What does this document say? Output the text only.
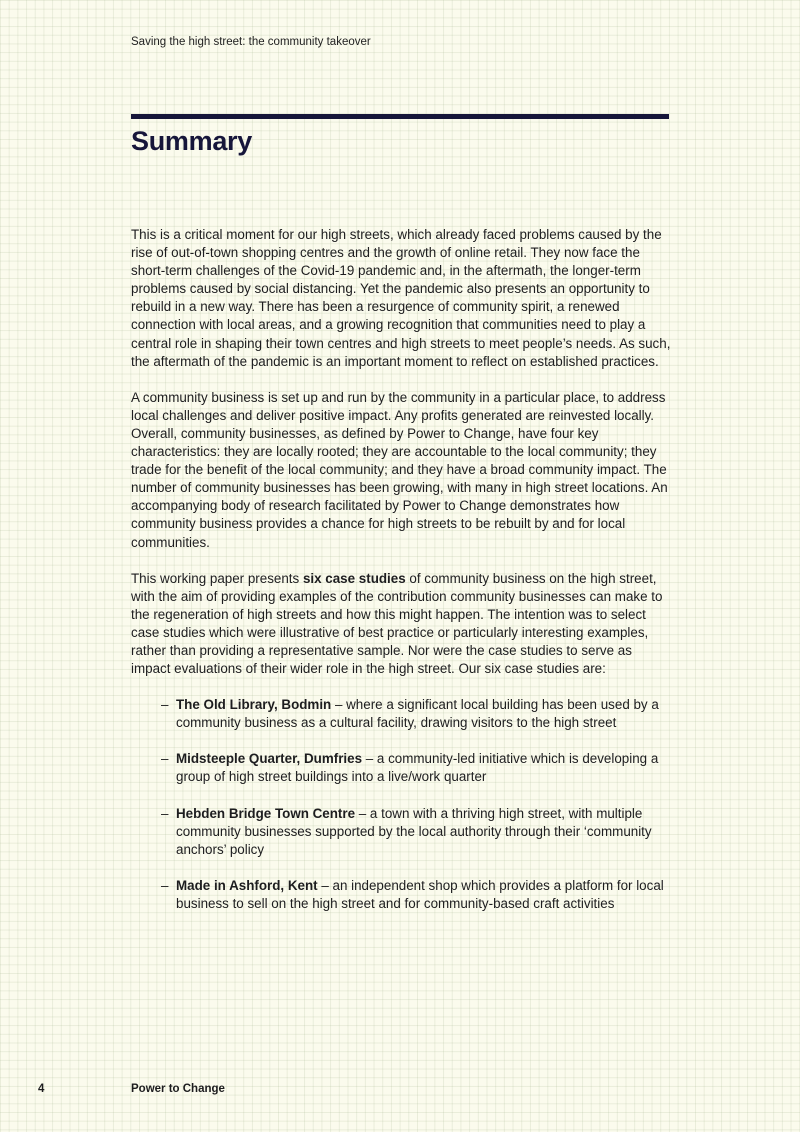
Saving the high street: the community takeover
Summary

This is a critical moment for our high streets, which already faced problems caused by the rise of out-of-town shopping centres and the growth of online retail. They now face the short-term challenges of the Covid-19 pandemic and, in the aftermath, the longer-term problems caused by social distancing. Yet the pandemic also presents an opportunity to rebuild in a new way. There has been a resurgence of community spirit, a renewed connection with local areas, and a growing recognition that communities need to play a central role in shaping their town centres and high streets to meet people’s needs. As such, the aftermath of the pandemic is an important moment to reflect on established practices.

A community business is set up and run by the community in a particular place, to address local challenges and deliver positive impact. Any profits generated are reinvested locally. Overall, community businesses, as defined by Power to Change, have four key characteristics: they are locally rooted; they are accountable to the local community; they trade for the benefit of the local community; and they have a broad community impact. The number of community businesses has been growing, with many in high street locations. An accompanying body of research facilitated by Power to Change demonstrates how community business provides a chance for high streets to be rebuilt by and for local communities.

This working paper presents six case studies of community business on the high street, with the aim of providing examples of the contribution community businesses can make to the regeneration of high streets and how this might happen. The intention was to select case studies which were illustrative of best practice or particularly interesting examples, rather than providing a representative sample. Nor were the case studies to serve as impact evaluations of their wider role in the high street. Our six case studies are:

– The Old Library, Bodmin – where a significant local building has been used by a community business as a cultural facility, drawing visitors to the high street
– Midsteeple Quarter, Dumfries – a community-led initiative which is developing a group of high street buildings into a live/work quarter
– Hebden Bridge Town Centre – a town with a thriving high street, with multiple community businesses supported by the local authority through their ‘community anchors’ policy
– Made in Ashford, Kent – an independent shop which provides a platform for local business to sell on the high street and for community-based craft activities
4	Power to Change
